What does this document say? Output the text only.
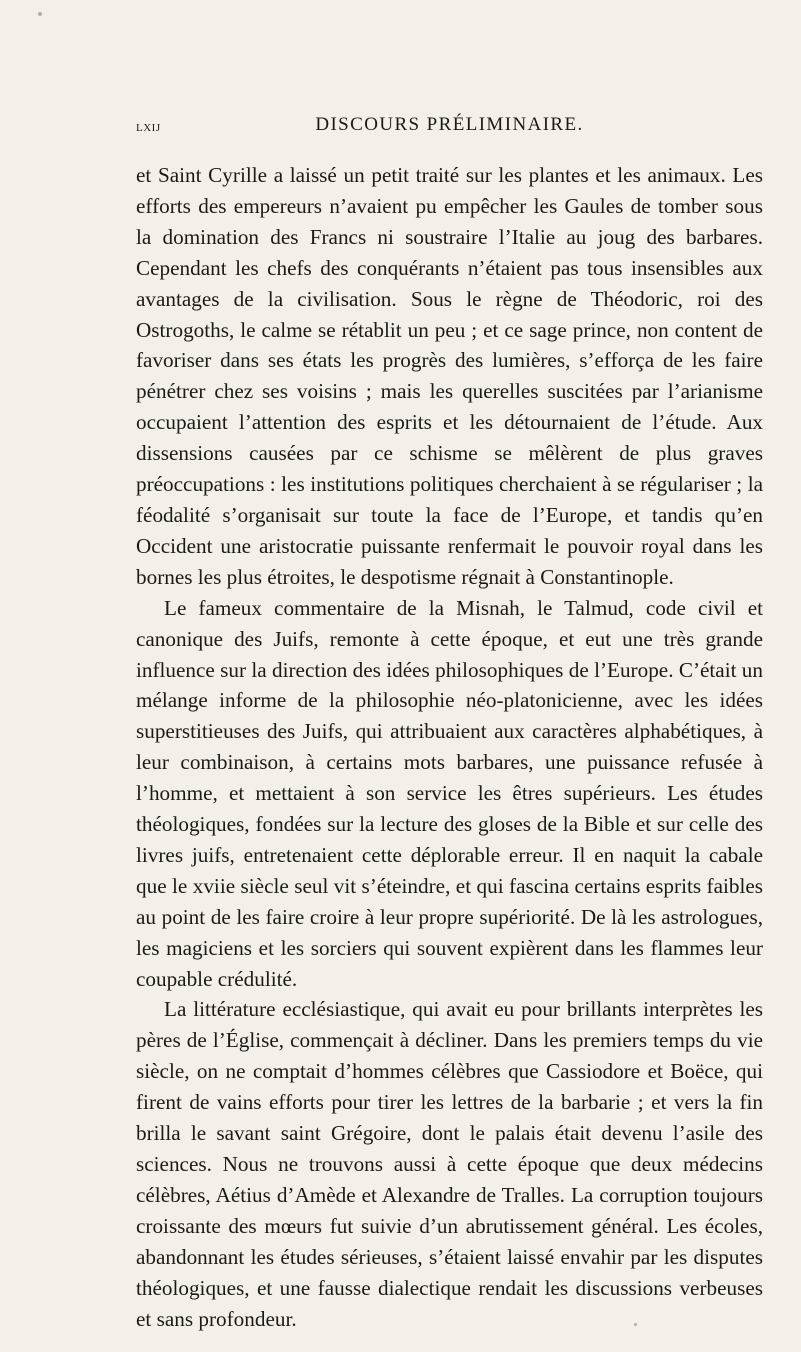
lxij	DISCOURS PRÉLIMINAIRE.

et Saint Cyrille a laissé un petit traité sur les plantes et les animaux. Les efforts des empereurs n’avaient pu empêcher les Gaules de tomber sous la domination des Francs ni soustraire l’Italie au joug des barbares. Cependant les chefs des conquérants n’étaient pas tous insensibles aux avantages de la civilisation. Sous le règne de Théodoric, roi des Ostrogoths, le calme se rétablit un peu ; et ce sage prince, non content de favoriser dans ses états les progrès des lumières, s’efforça de les faire pénétrer chez ses voisins ; mais les querelles suscitées par l’arianisme occupaient l’attention des esprits et les détournaient de l’étude. Aux dissensions causées par ce schisme se mêlèrent de plus graves préoccupations : les institutions politiques cherchaient à se régulariser ; la féodalité s’organisait sur toute la face de l’Europe, et tandis qu’en Occident une aristocratie puissante renfermait le pouvoir royal dans les bornes les plus étroites, le despotisme régnait à Constantinople.

Le fameux commentaire de la Misnah, le Talmud, code civil et canonique des Juifs, remonte à cette époque, et eut une très grande influence sur la direction des idées philosophiques de l’Europe. C’était un mélange informe de la philosophie néo-platonicienne, avec les idées superstitieuses des Juifs, qui attribuaient aux caractères alphabétiques, à leur combinaison, à certains mots barbares, une puissance refusée à l’homme, et mettaient à son service les êtres supérieurs. Les études théologiques, fondées sur la lecture des gloses de la Bible et sur celle des livres juifs, entretenaient cette déplorable erreur. Il en naquit la cabale que le xviie siècle seul vit s’éteindre, et qui fascina certains esprits faibles au point de les faire croire à leur propre supériorité. De là les astrologues, les magiciens et les sorciers qui souvent expièrent dans les flammes leur coupable crédulité.

La littérature ecclésiastique, qui avait eu pour brillants interprètes les pères de l’Église, commençait à décliner. Dans les premiers temps du vie siècle, on ne comptait d’hommes célèbres que Cassiodore et Boëce, qui firent de vains efforts pour tirer les lettres de la barbarie ; et vers la fin brilla le savant saint Grégoire, dont le palais était devenu l’asile des sciences. Nous ne trouvons aussi à cette époque que deux médecins célèbres, Aétius d’Amède et Alexandre de Tralles. La corruption toujours croissante des mœurs fut suivie d’un abrutissement général. Les écoles, abandonnant les études sérieuses, s’étaient laissé envahir par les disputes théologiques, et une fausse dialectique rendait les discussions verbeuses et sans profondeur.
